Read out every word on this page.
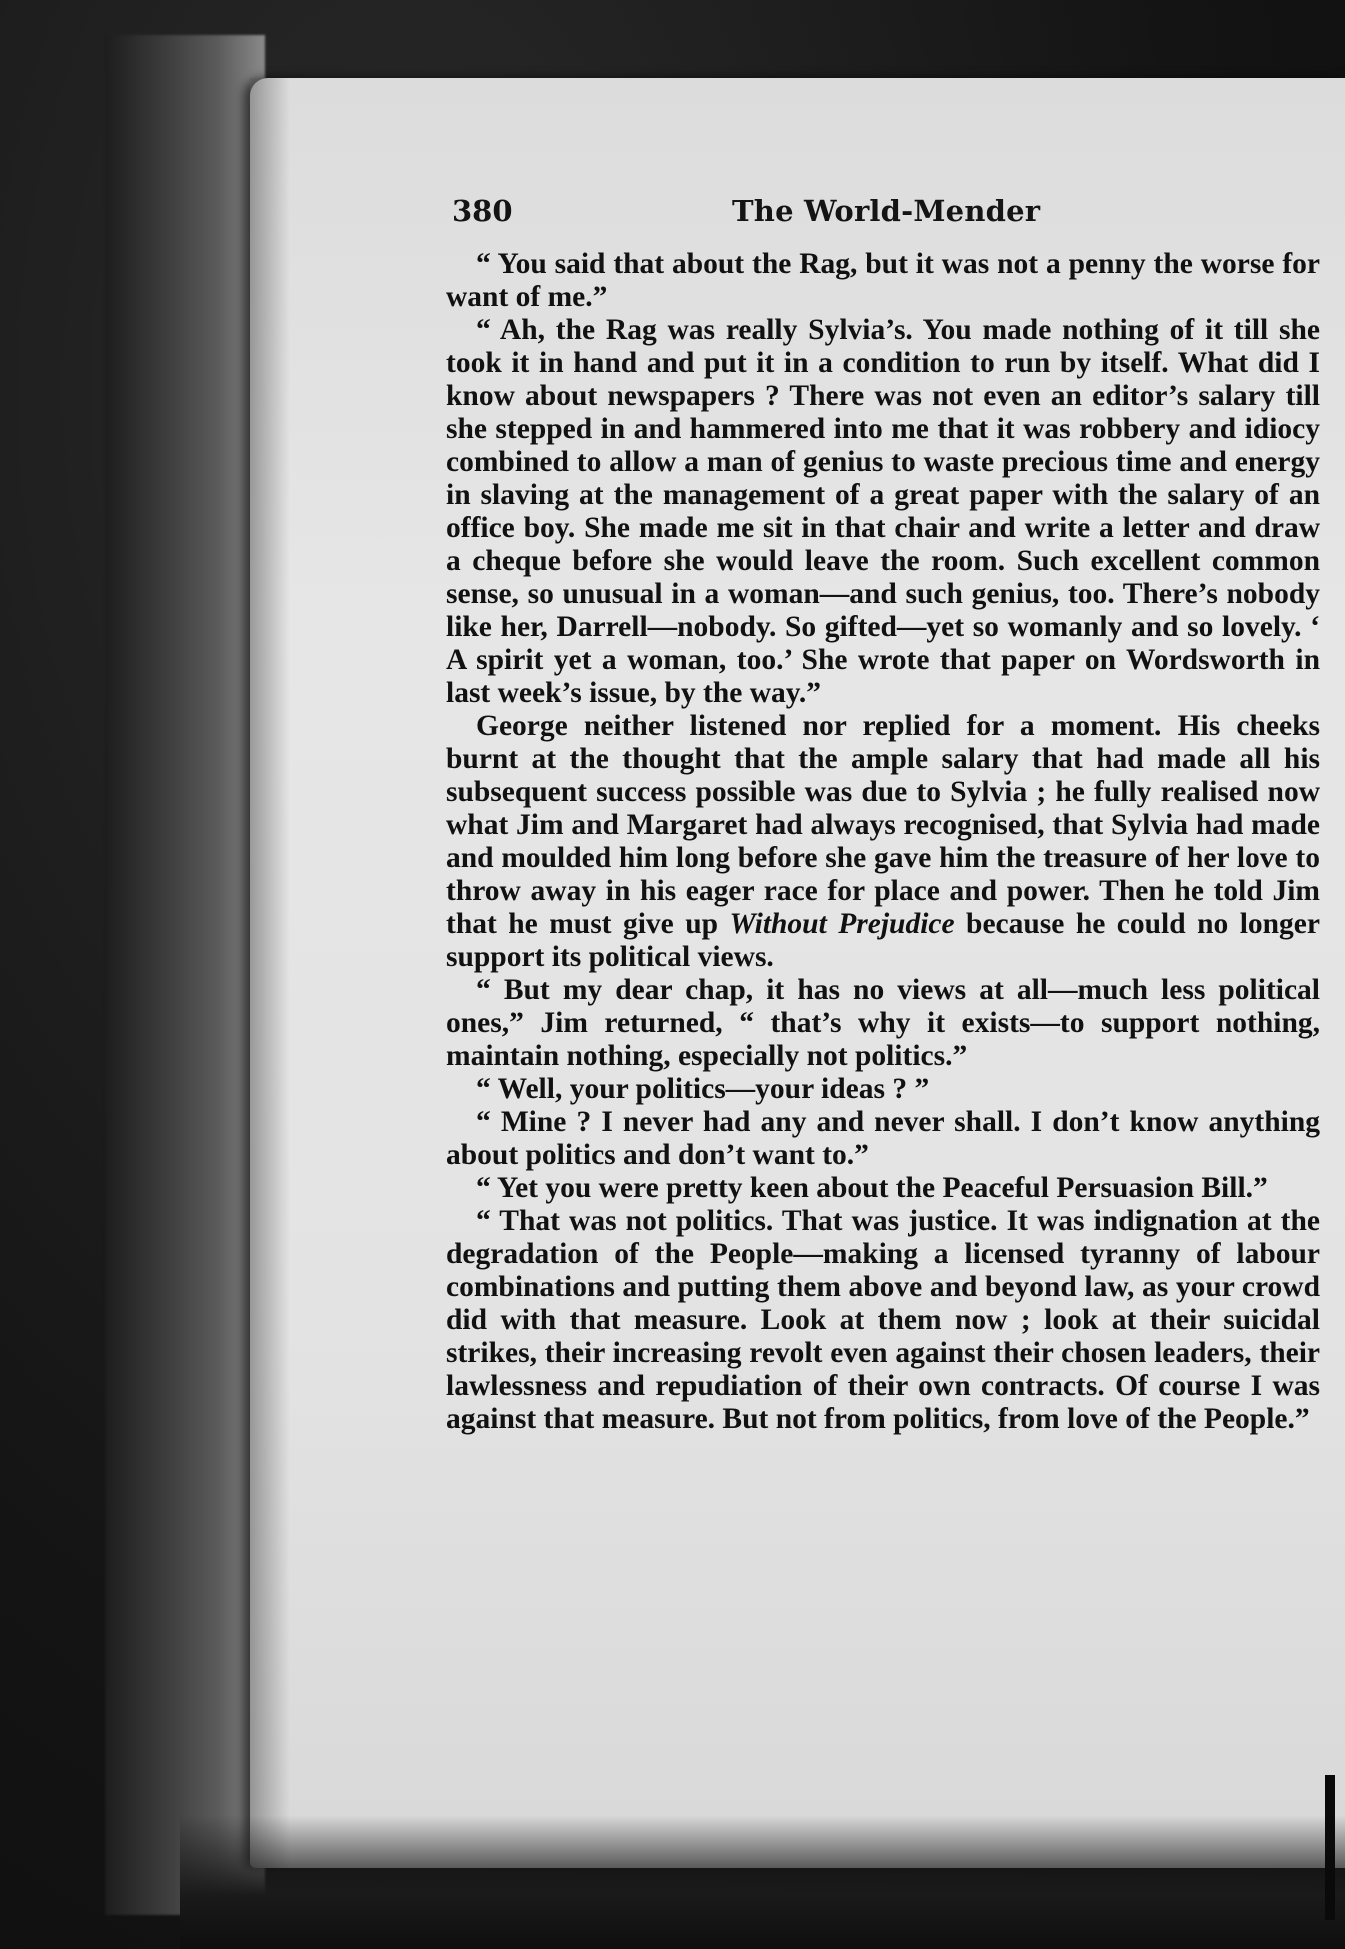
380	The World-Mender

“ You said that about the Rag, but it was not a penny the worse for want of me.”

“ Ah, the Rag was really Sylvia’s. You made nothing of it till she took it in hand and put it in a condition to run by itself. What did I know about newspapers ? There was not even an editor’s salary till she stepped in and hammered into me that it was robbery and idiocy combined to allow a man of genius to waste precious time and energy in slaving at the management of a great paper with the salary of an office boy. She made me sit in that chair and write a letter and draw a cheque before she would leave the room. Such excellent common sense, so unusual in a woman—and such genius, too. There’s nobody like her, Darrell—nobody. So gifted—yet so womanly and so lovely. ‘ A spirit yet a woman, too.’ She wrote that paper on Wordsworth in last week’s issue, by the way.”

George neither listened nor replied for a moment. His cheeks burnt at the thought that the ample salary that had made all his subsequent success possible was due to Sylvia ; he fully realised now what Jim and Margaret had always recognised, that Sylvia had made and moulded him long before she gave him the treasure of her love to throw away in his eager race for place and power. Then he told Jim that he must give up Without Prejudice because he could no longer support its political views.

“ But my dear chap, it has no views at all—much less political ones,” Jim returned, “ that’s why it exists—to support nothing, maintain nothing, especially not politics.”

“ Well, your politics—your ideas ? ”

“ Mine ? I never had any and never shall. I don’t know anything about politics and don’t want to.”

“ Yet you were pretty keen about the Peaceful Persuasion Bill.”

“ That was not politics. That was justice. It was indignation at the degradation of the People—making a licensed tyranny of labour combinations and putting them above and beyond law, as your crowd did with that measure. Look at them now ; look at their suicidal strikes, their increasing revolt even against their chosen leaders, their lawlessness and repudiation of their own contracts. Of course I was against that measure. But not from politics, from love of the People.”
